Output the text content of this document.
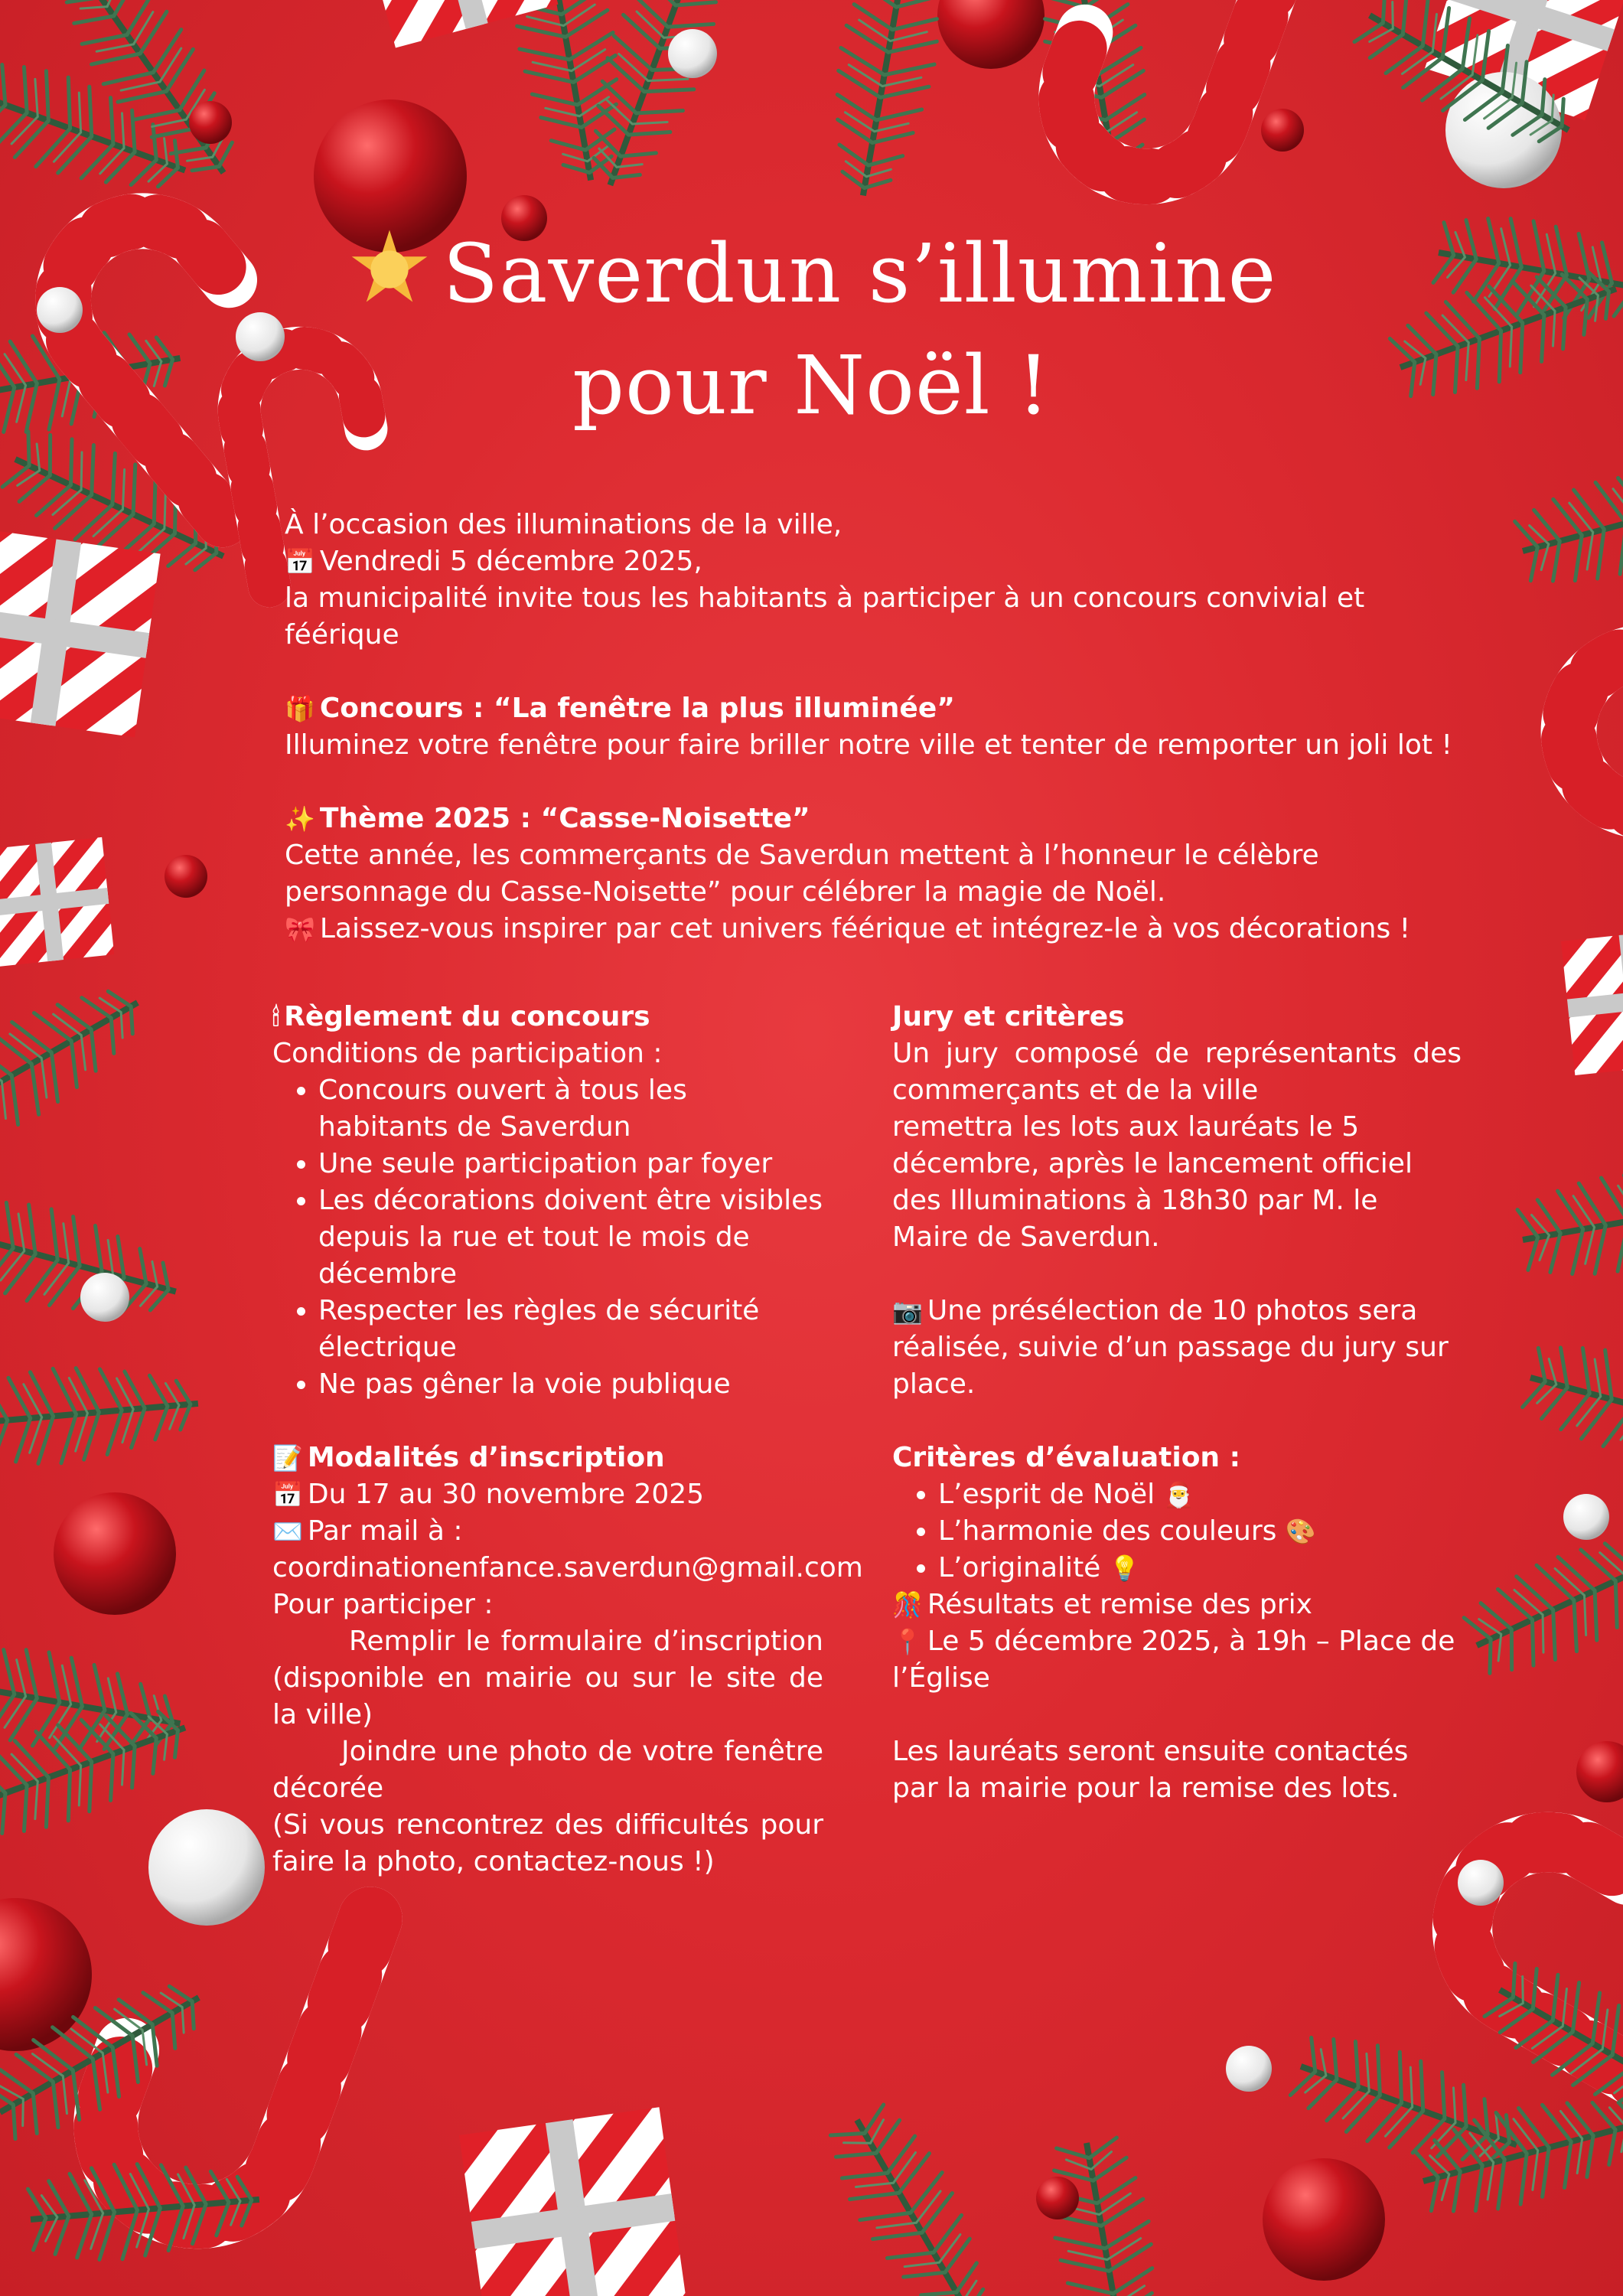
Saverdun s’illumine
pour Noël !

À l’occasion des illuminations de la ville,

📅 Vendredi 5 décembre 2025,

la municipalité invite tous les habitants à participer à un concours convivial et féérique

🎁 Concours : “La fenêtre la plus illuminée”

Illuminez votre fenêtre pour faire briller notre ville et tenter de remporter un joli lot !

✨ Thème 2025 : “Casse-Noisette”

Cette année, les commerçants de Saverdun mettent à l’honneur le célèbre personnage du Casse-Noisette” pour célébrer la magie de Noël.

🎀 Laissez-vous inspirer par cet univers féérique et intégrez-le à vos décorations !

🕯 Règlement du concours

Conditions de participation :

• Concours ouvert à tous les habitants de Saverdun
• Une seule participation par foyer
• Les décorations doivent être visibles depuis la rue et tout le mois de décembre
• Respecter les règles de sécurité électrique
• Ne pas gêner la voie publique

📝 Modalités d’inscription

📅 Du 17 au 30 novembre 2025

✉️ Par mail à :

coordinationenfance.saverdun@gmail.com

Pour participer :

Remplir le formulaire d’inscription (disponible en mairie ou sur le site de la ville)

Joindre une photo de votre fenêtre décorée

(Si vous rencontrez des difficultés pour faire la photo, contactez-nous !)

Jury et critères

Un jury composé de représentants des commerçants et de la ville

remettra les lots aux lauréats le 5 décembre, après le lancement officiel des Illuminations à 18h30 par M. le Maire de Saverdun.

📷 Une présélection de 10 photos sera réalisée, suivie d’un passage du jury sur place.

Critères d’évaluation :

• L’esprit de Noël 🎅
• L’harmonie des couleurs 🎨
• L’originalité 💡

🎊 Résultats et remise des prix

📍 Le 5 décembre 2025, à 19h – Place de l’Église

Les lauréats seront ensuite contactés par la mairie pour la remise des lots.
